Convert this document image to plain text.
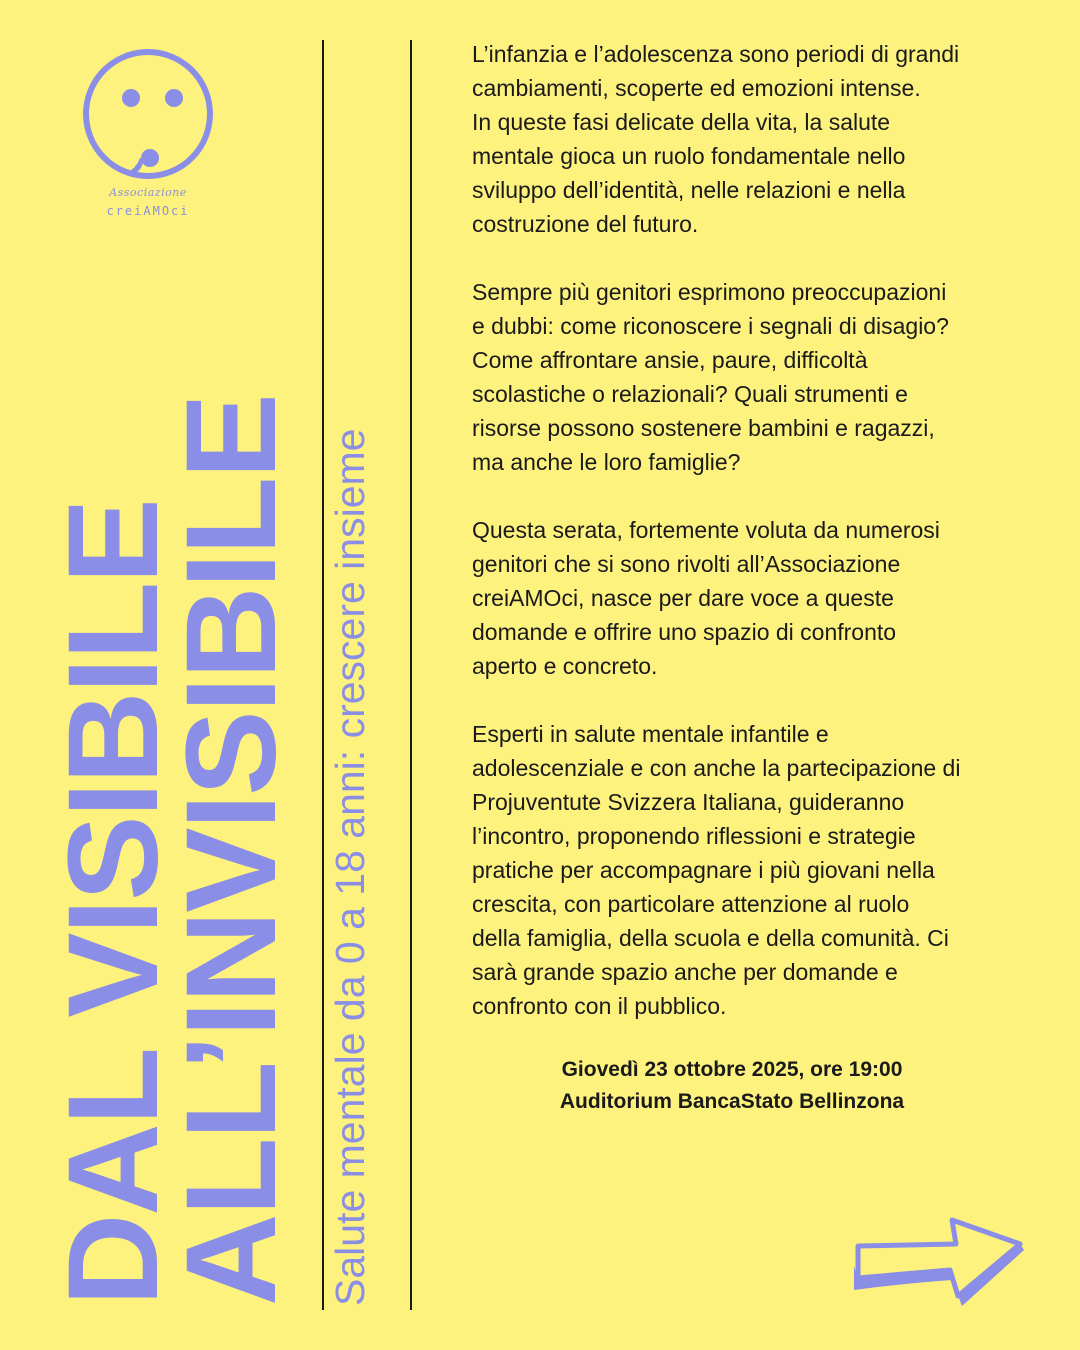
Associazione
creiAMOci
DAL VISIBILE
ALL’INVISIBILE Salute mentale da 0 a 18 anni: crescere insieme

L’infanzia e l’adolescenza sono periodi di grandi
cambiamenti, scoperte ed emozioni intense.
In queste fasi delicate della vita, la salute
mentale gioca un ruolo fondamentale nello
sviluppo dell’identità, nelle relazioni e nella
costruzione del futuro.

Sempre più genitori esprimono preoccupazioni
e dubbi: come riconoscere i segnali di disagio?
Come affrontare ansie, paure, difficoltà
scolastiche o relazionali? Quali strumenti e
risorse possono sostenere bambini e ragazzi,
ma anche le loro famiglie?

Questa serata, fortemente voluta da numerosi
genitori che si sono rivolti all’Associazione
creiAMOci, nasce per dare voce a queste
domande e offrire uno spazio di confronto
aperto e concreto.

Esperti in salute mentale infantile e
adolescenziale e con anche la partecipazione di
Projuventute Svizzera Italiana, guideranno
l’incontro, proponendo riflessioni e strategie
pratiche per accompagnare i più giovani nella
crescita, con particolare attenzione al ruolo
della famiglia, della scuola e della comunità. Ci
sarà grande spazio anche per domande e
confronto con il pubblico.

Giovedì 23 ottobre 2025, ore 19:00
Auditorium BancaStato Bellinzona
